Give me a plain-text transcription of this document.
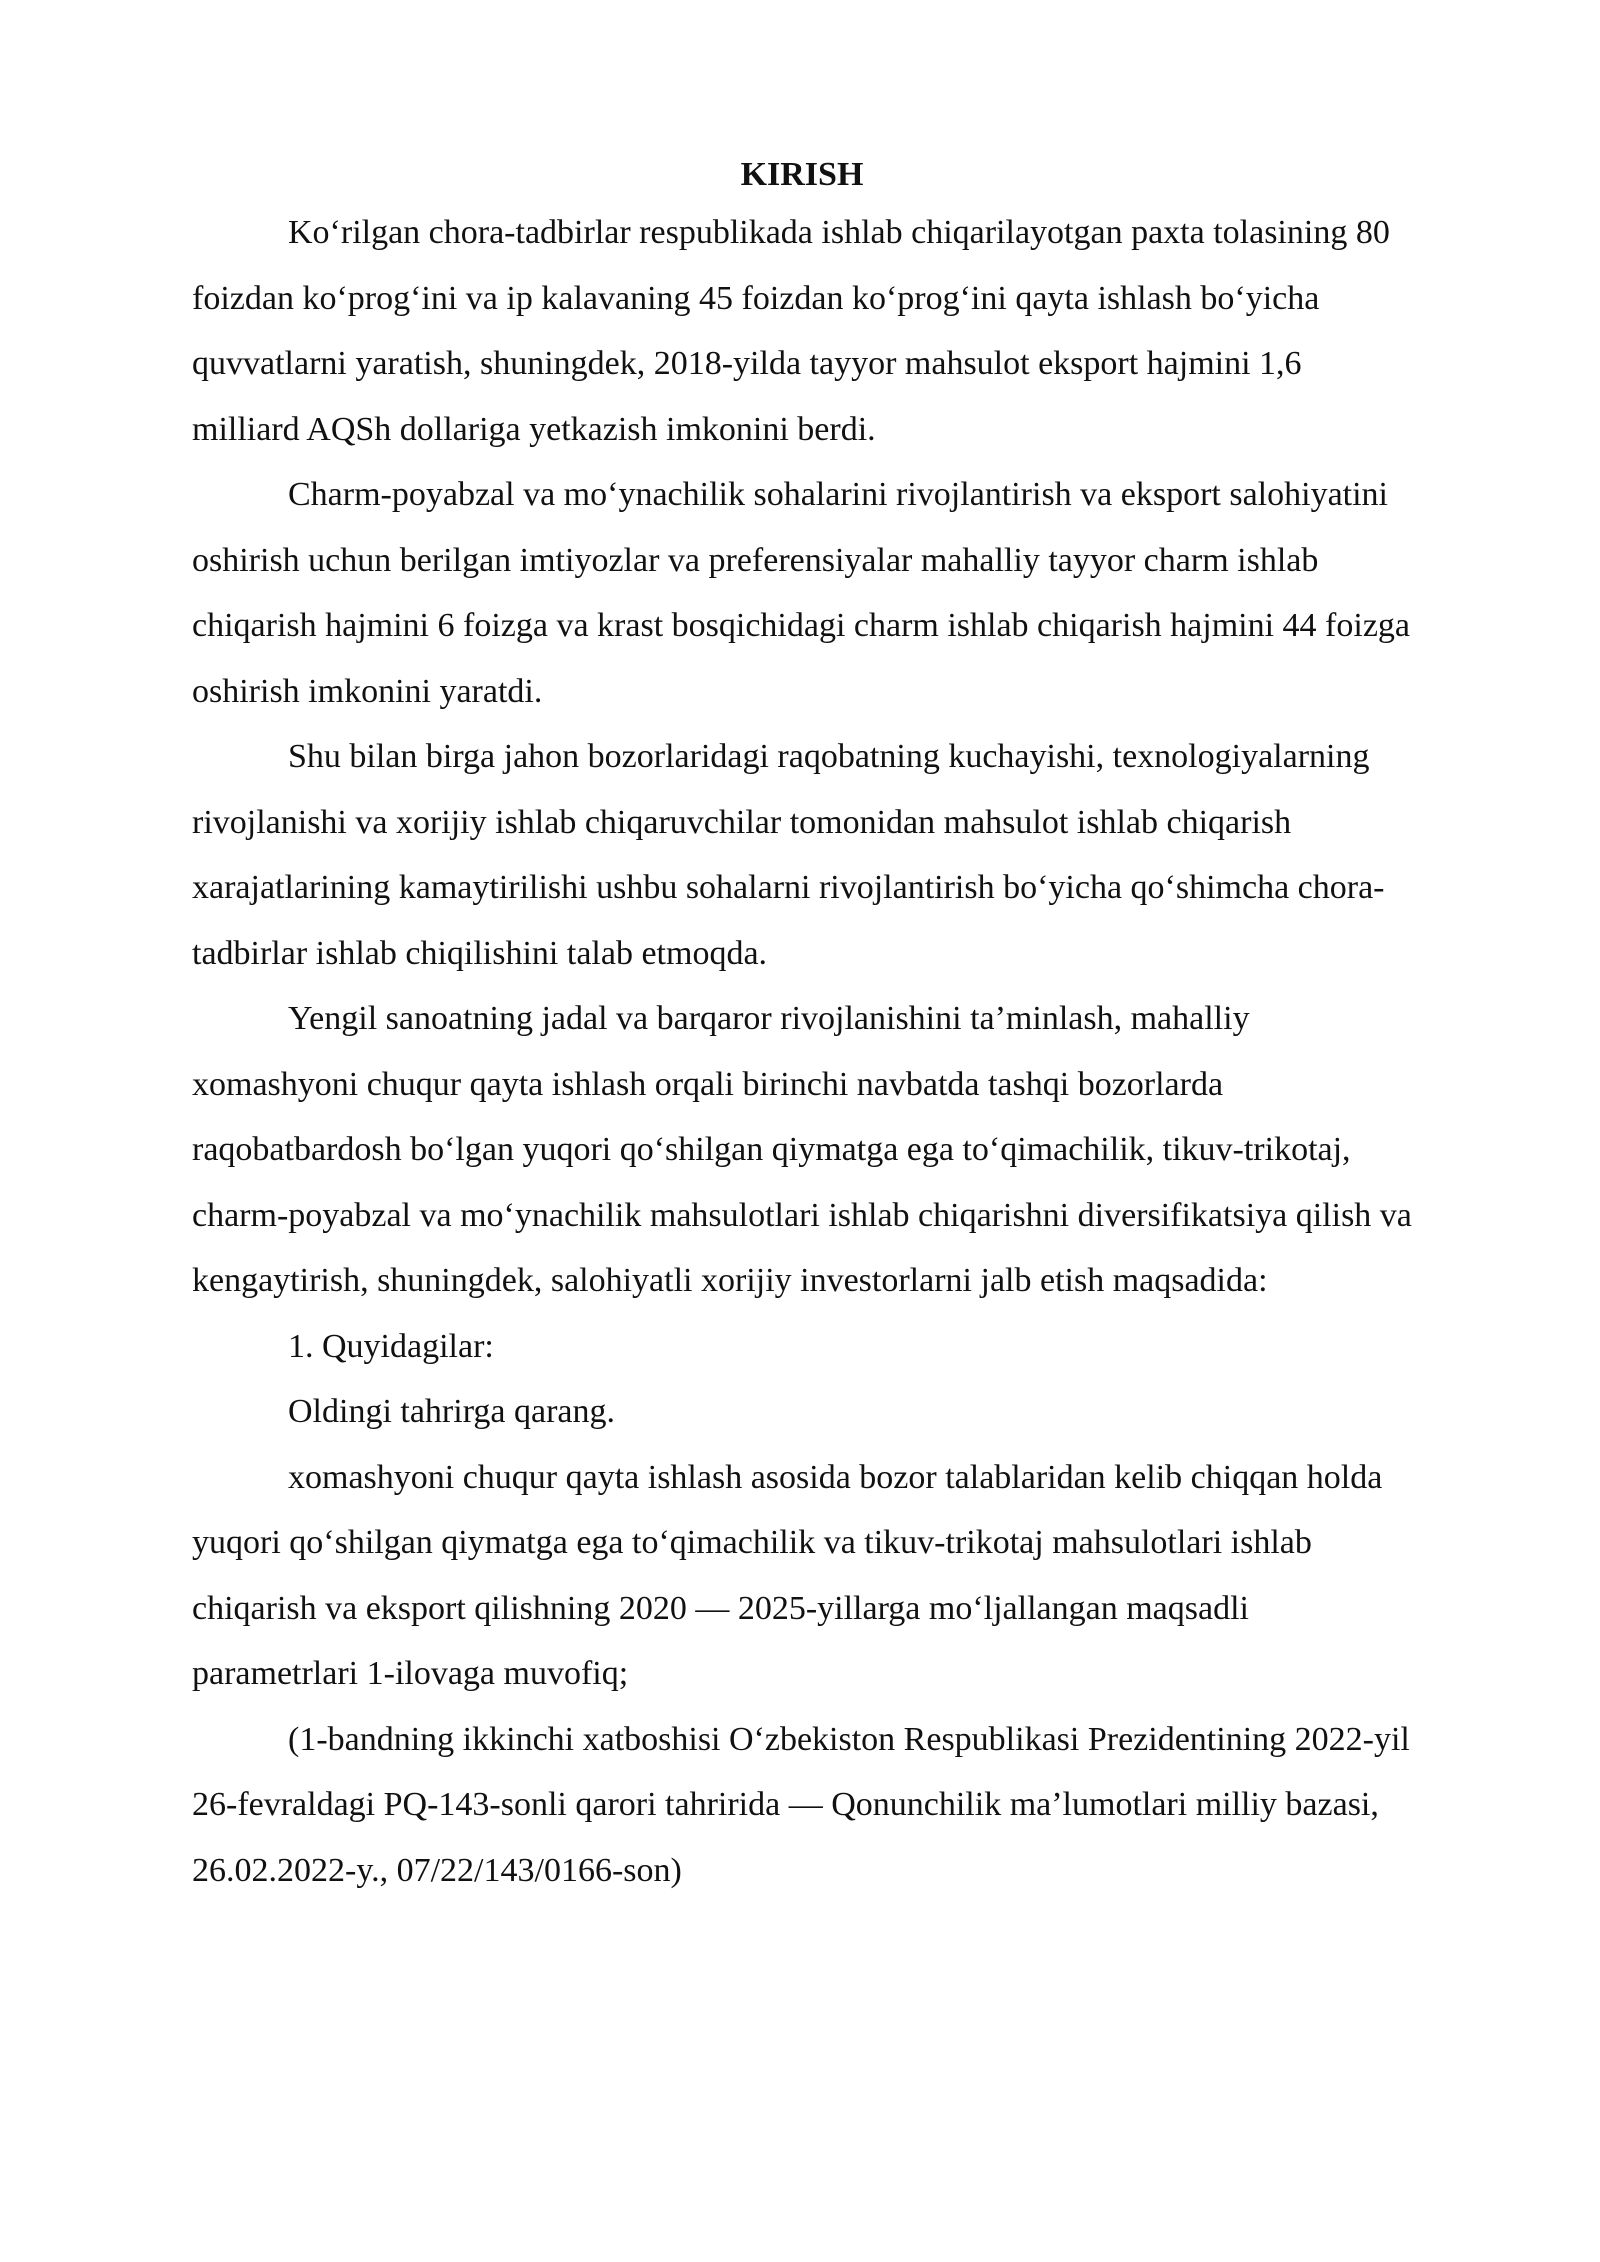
KIRISH

Ko‘rilgan chora-tadbirlar respublikada ishlab chiqarilayotgan paxta tolasining 80 foizdan ko‘prog‘ini va ip kalavaning 45 foizdan ko‘prog‘ini qayta ishlash bo‘yicha quvvatlarni yaratish, shuningdek, 2018-yilda tayyor mahsulot eksport hajmini 1,6 milliard AQSh dollariga yetkazish imkonini berdi.

Charm-poyabzal va mo‘ynachilik sohalarini rivojlantirish va eksport salohiyatini oshirish uchun berilgan imtiyozlar va preferensiyalar mahalliy tayyor charm ishlab chiqarish hajmini 6 foizga va krast bosqichidagi charm ishlab chiqarish hajmini 44 foizga oshirish imkonini yaratdi.

Shu bilan birga jahon bozorlaridagi raqobatning kuchayishi, texnologiyalarning rivojlanishi va xorijiy ishlab chiqaruvchilar tomonidan mahsulot ishlab chiqarish xarajatlarining kamaytirilishi ushbu sohalarni rivojlantirish bo‘yicha qo‘shimcha chora-tadbirlar ishlab chiqilishini talab etmoqda.

Yengil sanoatning jadal va barqaror rivojlanishini ta’minlash, mahalliy xomashyoni chuqur qayta ishlash orqali birinchi navbatda tashqi bozorlarda raqobatbardosh bo‘lgan yuqori qo‘shilgan qiymatga ega to‘qimachilik, tikuv-trikotaj, charm-poyabzal va mo‘ynachilik mahsulotlari ishlab chiqarishni diversifikatsiya qilish va kengaytirish, shuningdek, salohiyatli xorijiy investorlarni jalb etish maqsadida:

1. Quyidagilar:

Oldingi tahrirga qarang.

xomashyoni chuqur qayta ishlash asosida bozor talablaridan kelib chiqqan holda yuqori qo‘shilgan qiymatga ega to‘qimachilik va tikuv-trikotaj mahsulotlari ishlab chiqarish va eksport qilishning 2020 — 2025-yillarga mo‘ljallangan maqsadli parametrlari 1-ilovaga muvofiq;

(1-bandning ikkinchi xatboshisi O‘zbekiston Respublikasi Prezidentining 2022-yil 26-fevraldagi PQ-143-sonli qarori tahririda — Qonunchilik ma’lumotlari milliy bazasi, 26.02.2022-y., 07/22/143/0166-son)
